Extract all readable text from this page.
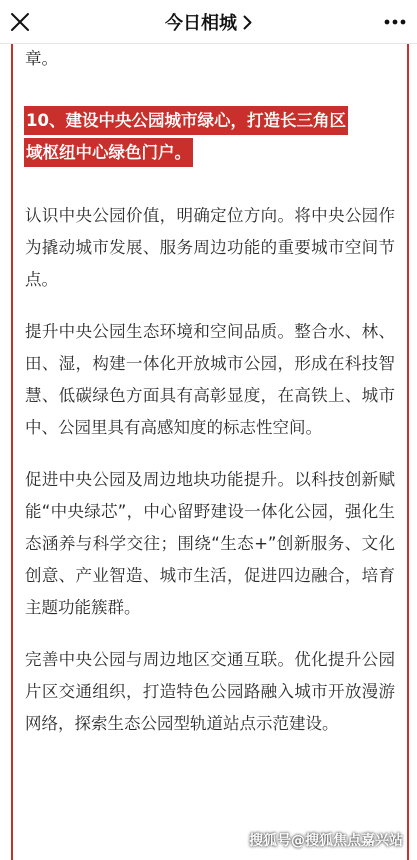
今日相城

章。

10、建设中央公园城市绿心，打造长三角区
域枢纽中心绿色门户。

认识中央公园价值，明确定位方向。将中央公园作为撬动城市发展、服务周边功能的重要城市空间节点。

提升中央公园生态环境和空间品质。整合水、林、田、湿，构建一体化开放城市公园，形成在科技智慧、低碳绿色方面具有高彰显度，在高铁上、城市中、公园里具有高感知度的标志性空间。

促进中央公园及周边地块功能提升。以科技创新赋能“中央绿芯”，中心留野建设一体化公园，强化生态涵养与科学交往；围绕“生态+”创新服务、文化创意、产业智造、城市生活，促进四边融合，培育主题功能簇群。

完善中央公园与周边地区交通互联。优化提升公园片区交通组织，打造特色公园路融入城市开放漫游网络，探索生态公园型轨道站点示范建设。

搜狐号@搜狐焦点嘉兴站
